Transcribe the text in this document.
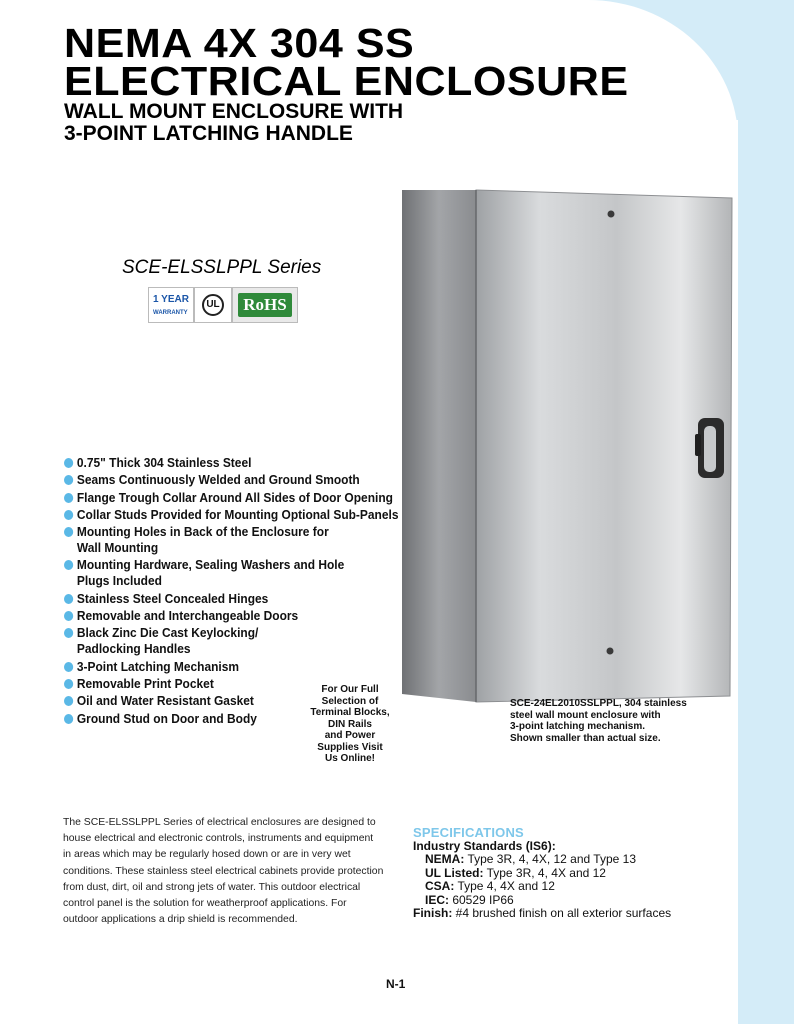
NEMA 4X 304 SS
ELECTRICAL ENCLOSURE
WALL MOUNT ENCLOSURE WITH
3-POINT LATCHING HANDLE
SCE-ELSSLPPL Series
1 YEAR
WARRANTY
UL	RoHS
0.75" Thick 304 Stainless Steel
Seams Continuously Welded and Ground Smooth
Flange Trough Collar Around All Sides of Door Opening
Collar Studs Provided for Mounting Optional Sub-Panels
Mounting Holes in Back of the Enclosure for
Wall Mounting
Mounting Hardware, Sealing Washers and Hole
Plugs Included
Stainless Steel Concealed Hinges
Removable and Interchangeable Doors
Black Zinc Die Cast Keylocking/
Padlocking Handles
3-Point Latching Mechanism
Removable Print Pocket
Oil and Water Resistant Gasket
Ground Stud on Door and Body
For Our Full
Selection of
Terminal Blocks,
DIN Rails
and Power
Supplies Visit
Us Online!
SCE-24EL2010SSLPPL, 304 stainless
steel wall mount enclosure with
3-point latching mechanism.
Shown smaller than actual size.
The SCE-ELSSLPPL Series of electrical enclosures are designed to
house electrical and electronic controls, instruments and equipment
in areas which may be regularly hosed down or are in very wet
conditions. These stainless steel electrical cabinets provide protection
from dust, dirt, oil and strong jets of water. This outdoor electrical
control panel is the solution for weatherproof applications. For
outdoor applications a drip shield is recommended.
SPECIFICATIONS
Industry Standards (IS6):
NEMA: Type 3R, 4, 4X, 12 and Type 13
UL Listed: Type 3R, 4, 4X and 12
CSA: Type 4, 4X and 12
IEC: 60529 IP66
Finish: #4 brushed finish on all exterior surfaces
N-1
